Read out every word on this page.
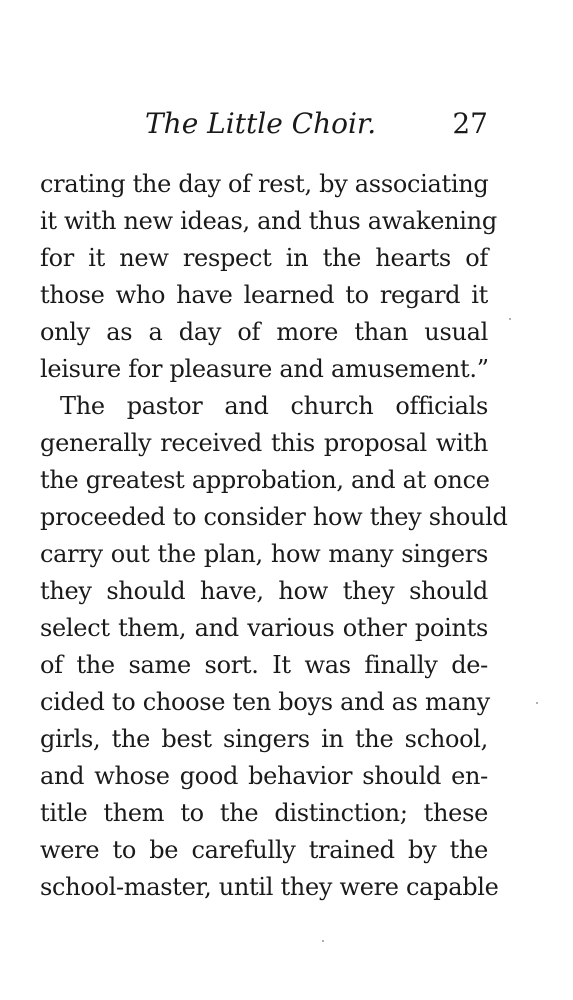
The Little Choir.	27
crating the day of rest, by associating
it with new ideas, and thus awakening
for it new respect in the hearts of
those who have learned to regard it
only as a day of more than usual
leisure for pleasure and amusement.”
The pastor and church officials
generally received this proposal with
the greatest approbation, and at once
proceeded to consider how they should
carry out the plan, how many singers
they should have, how they should
select them, and various other points
of the same sort. It was finally de-
cided to choose ten boys and as many
girls, the best singers in the school,
and whose good behavior should en-
title them to the distinction; these
were to be carefully trained by the
school-master, until they were capable
